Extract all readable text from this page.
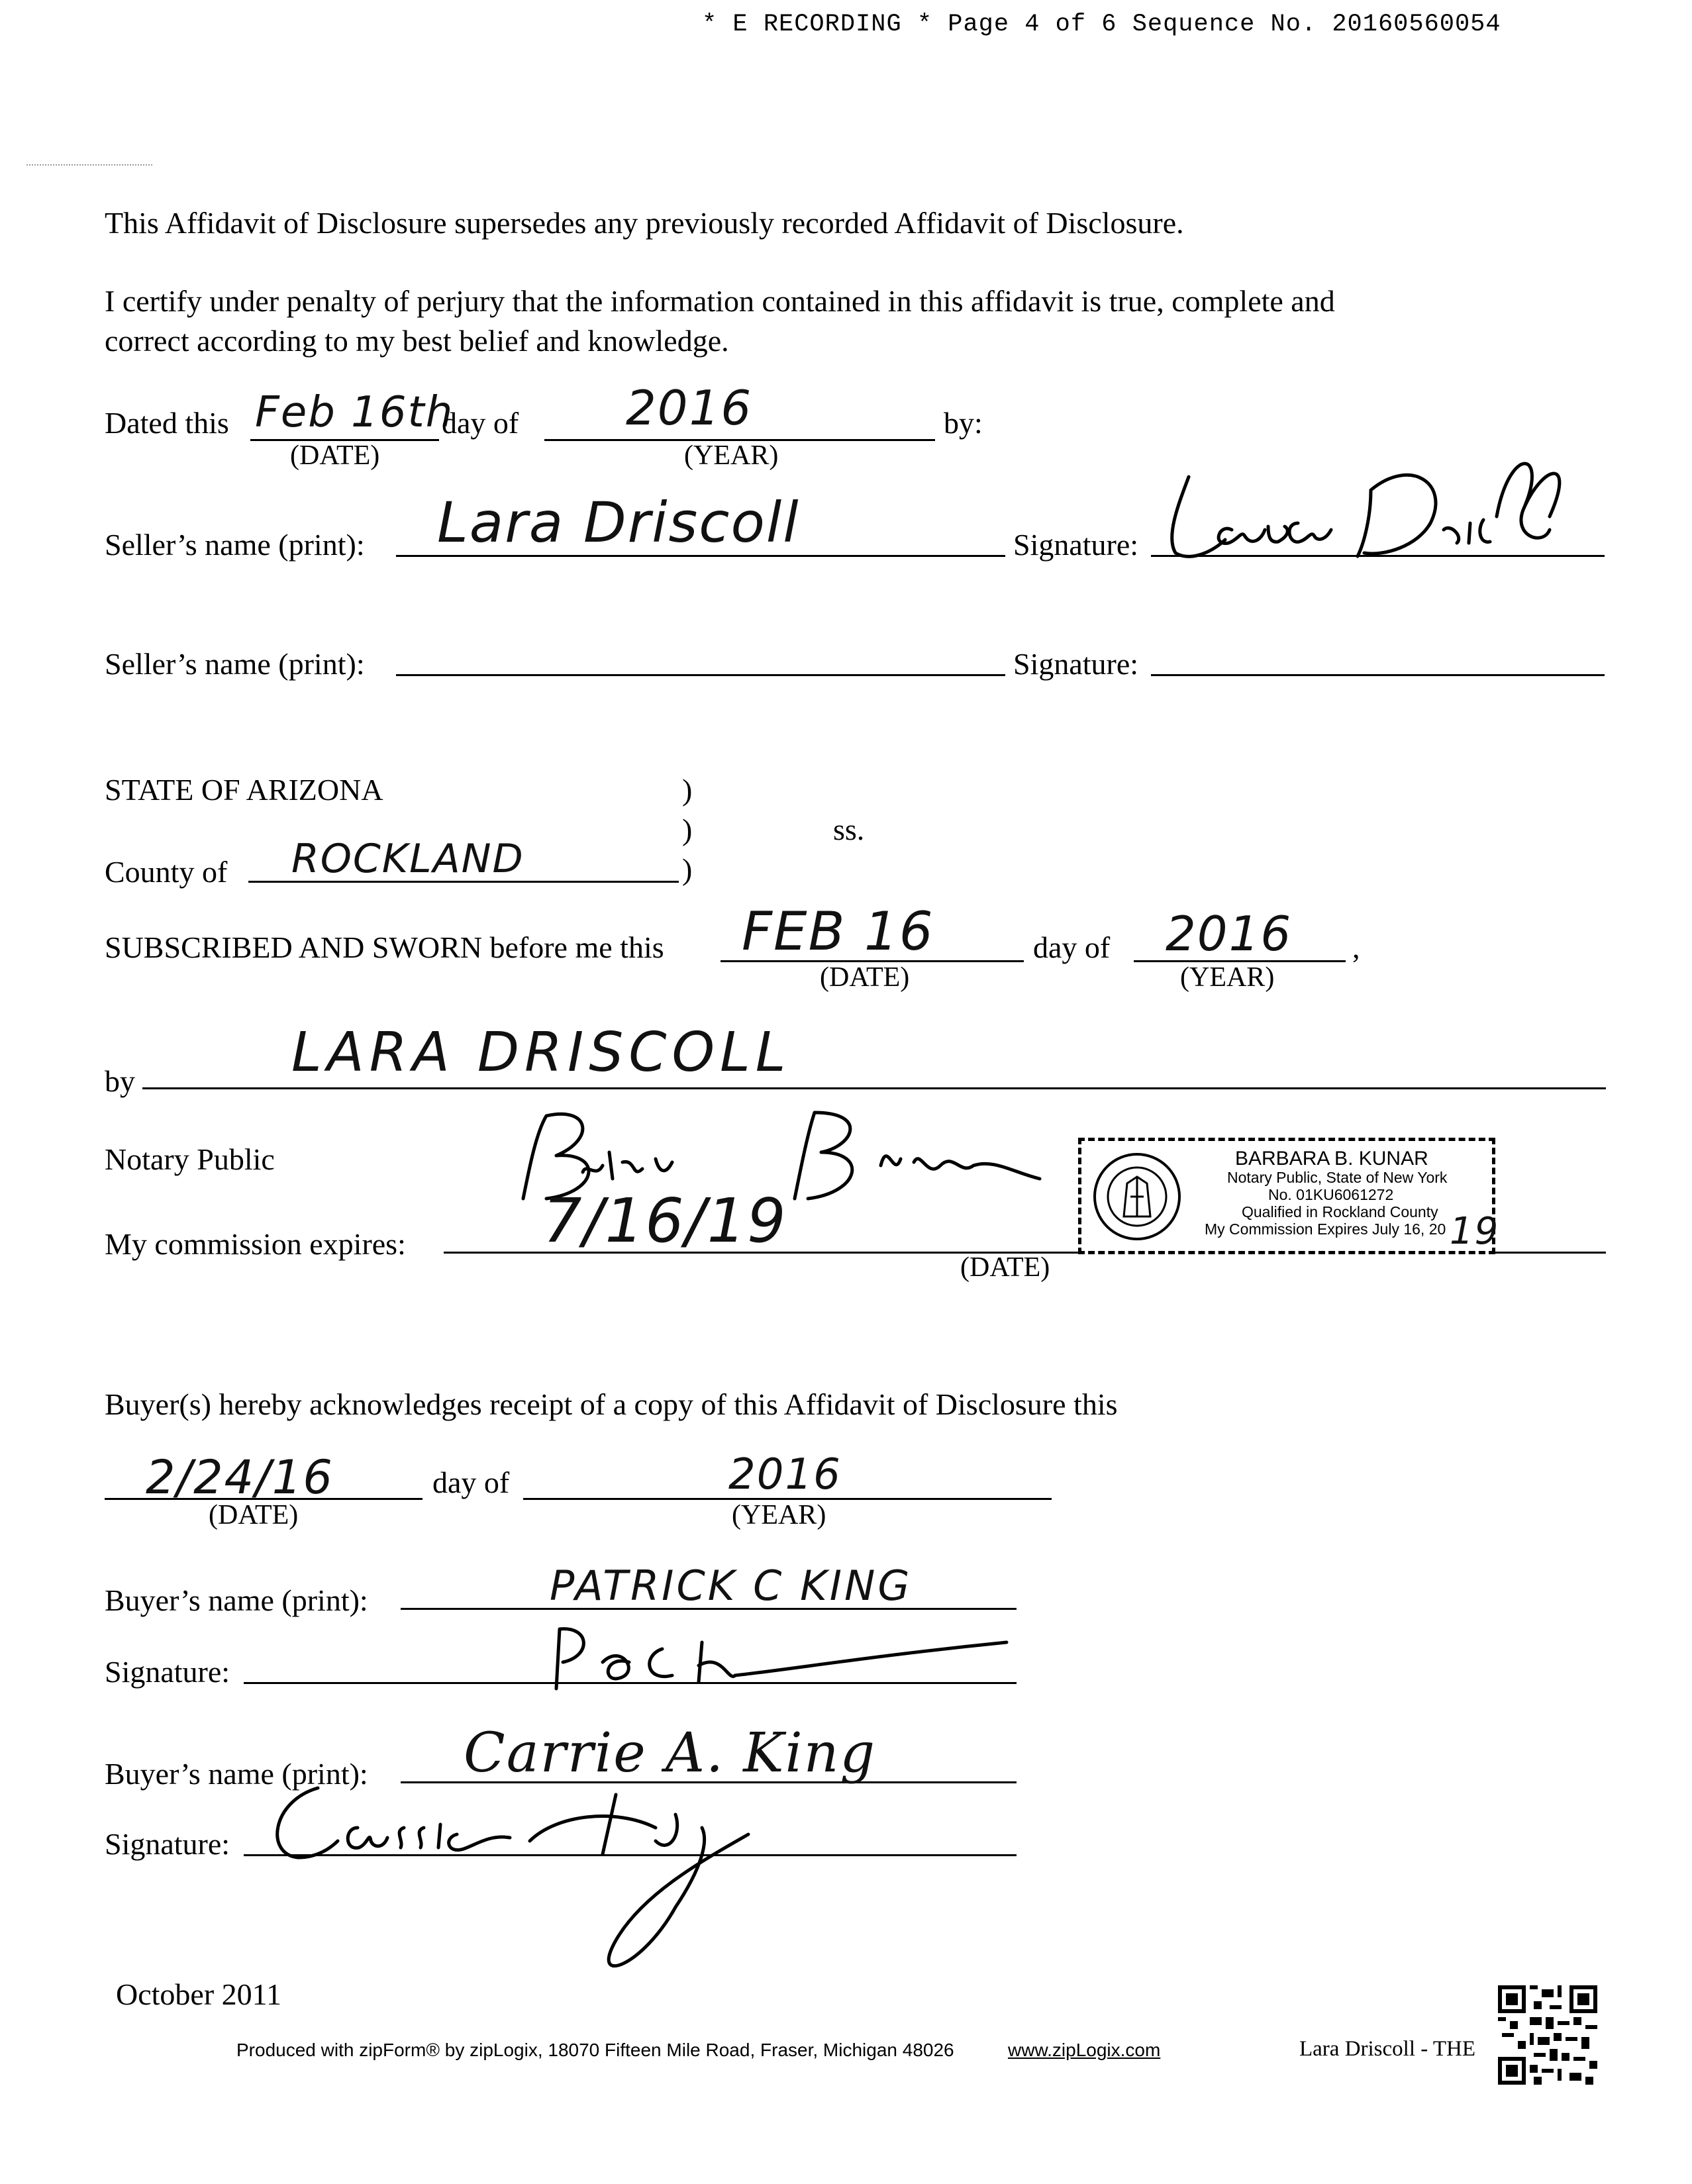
* E RECORDING * Page 4 of 6 Sequence No. 20160560054
This Affidavit of Disclosure supersedes any previously recorded Affidavit of Disclosure.
I certify under penalty of perjury that the information contained in this affidavit is true, complete and
correct according to my best belief and knowledge.
Dated this Feb 16th
(DATE)
day of 2016
(YEAR)
by:
Seller’s name (print): Lara Driscoll	Signature:
Seller’s name (print):	Signature:
STATE OF ARIZONA	)
)
)
ss.
County of ROCKLAND
SUBSCRIBED AND SWORN before me this FEB 16
(DATE)
day of 2016
(YEAR)
,
by	LARA DRISCOLL
Notary Public
My commission expires: 7/16/19
(DATE)
BARBARA B. KUNAR
Notary Public, State of New York
No. 01KU6061272
Qualified in Rockland County
My Commission Expires July 16, 20 19
Buyer(s) hereby acknowledges receipt of a copy of this Affidavit of Disclosure this
2/24/16
(DATE)
day of	2016
(YEAR)
Buyer’s name (print):	PATRICK C KING
Signature:
Buyer’s name (print): Carrie A. King
Signature:
October 2011
Produced with zipForm® by zipLogix, 18070 Fifteen Mile Road, Fraser, Michigan 48026	www.zipLogix.com	Lara Driscoll - THE
